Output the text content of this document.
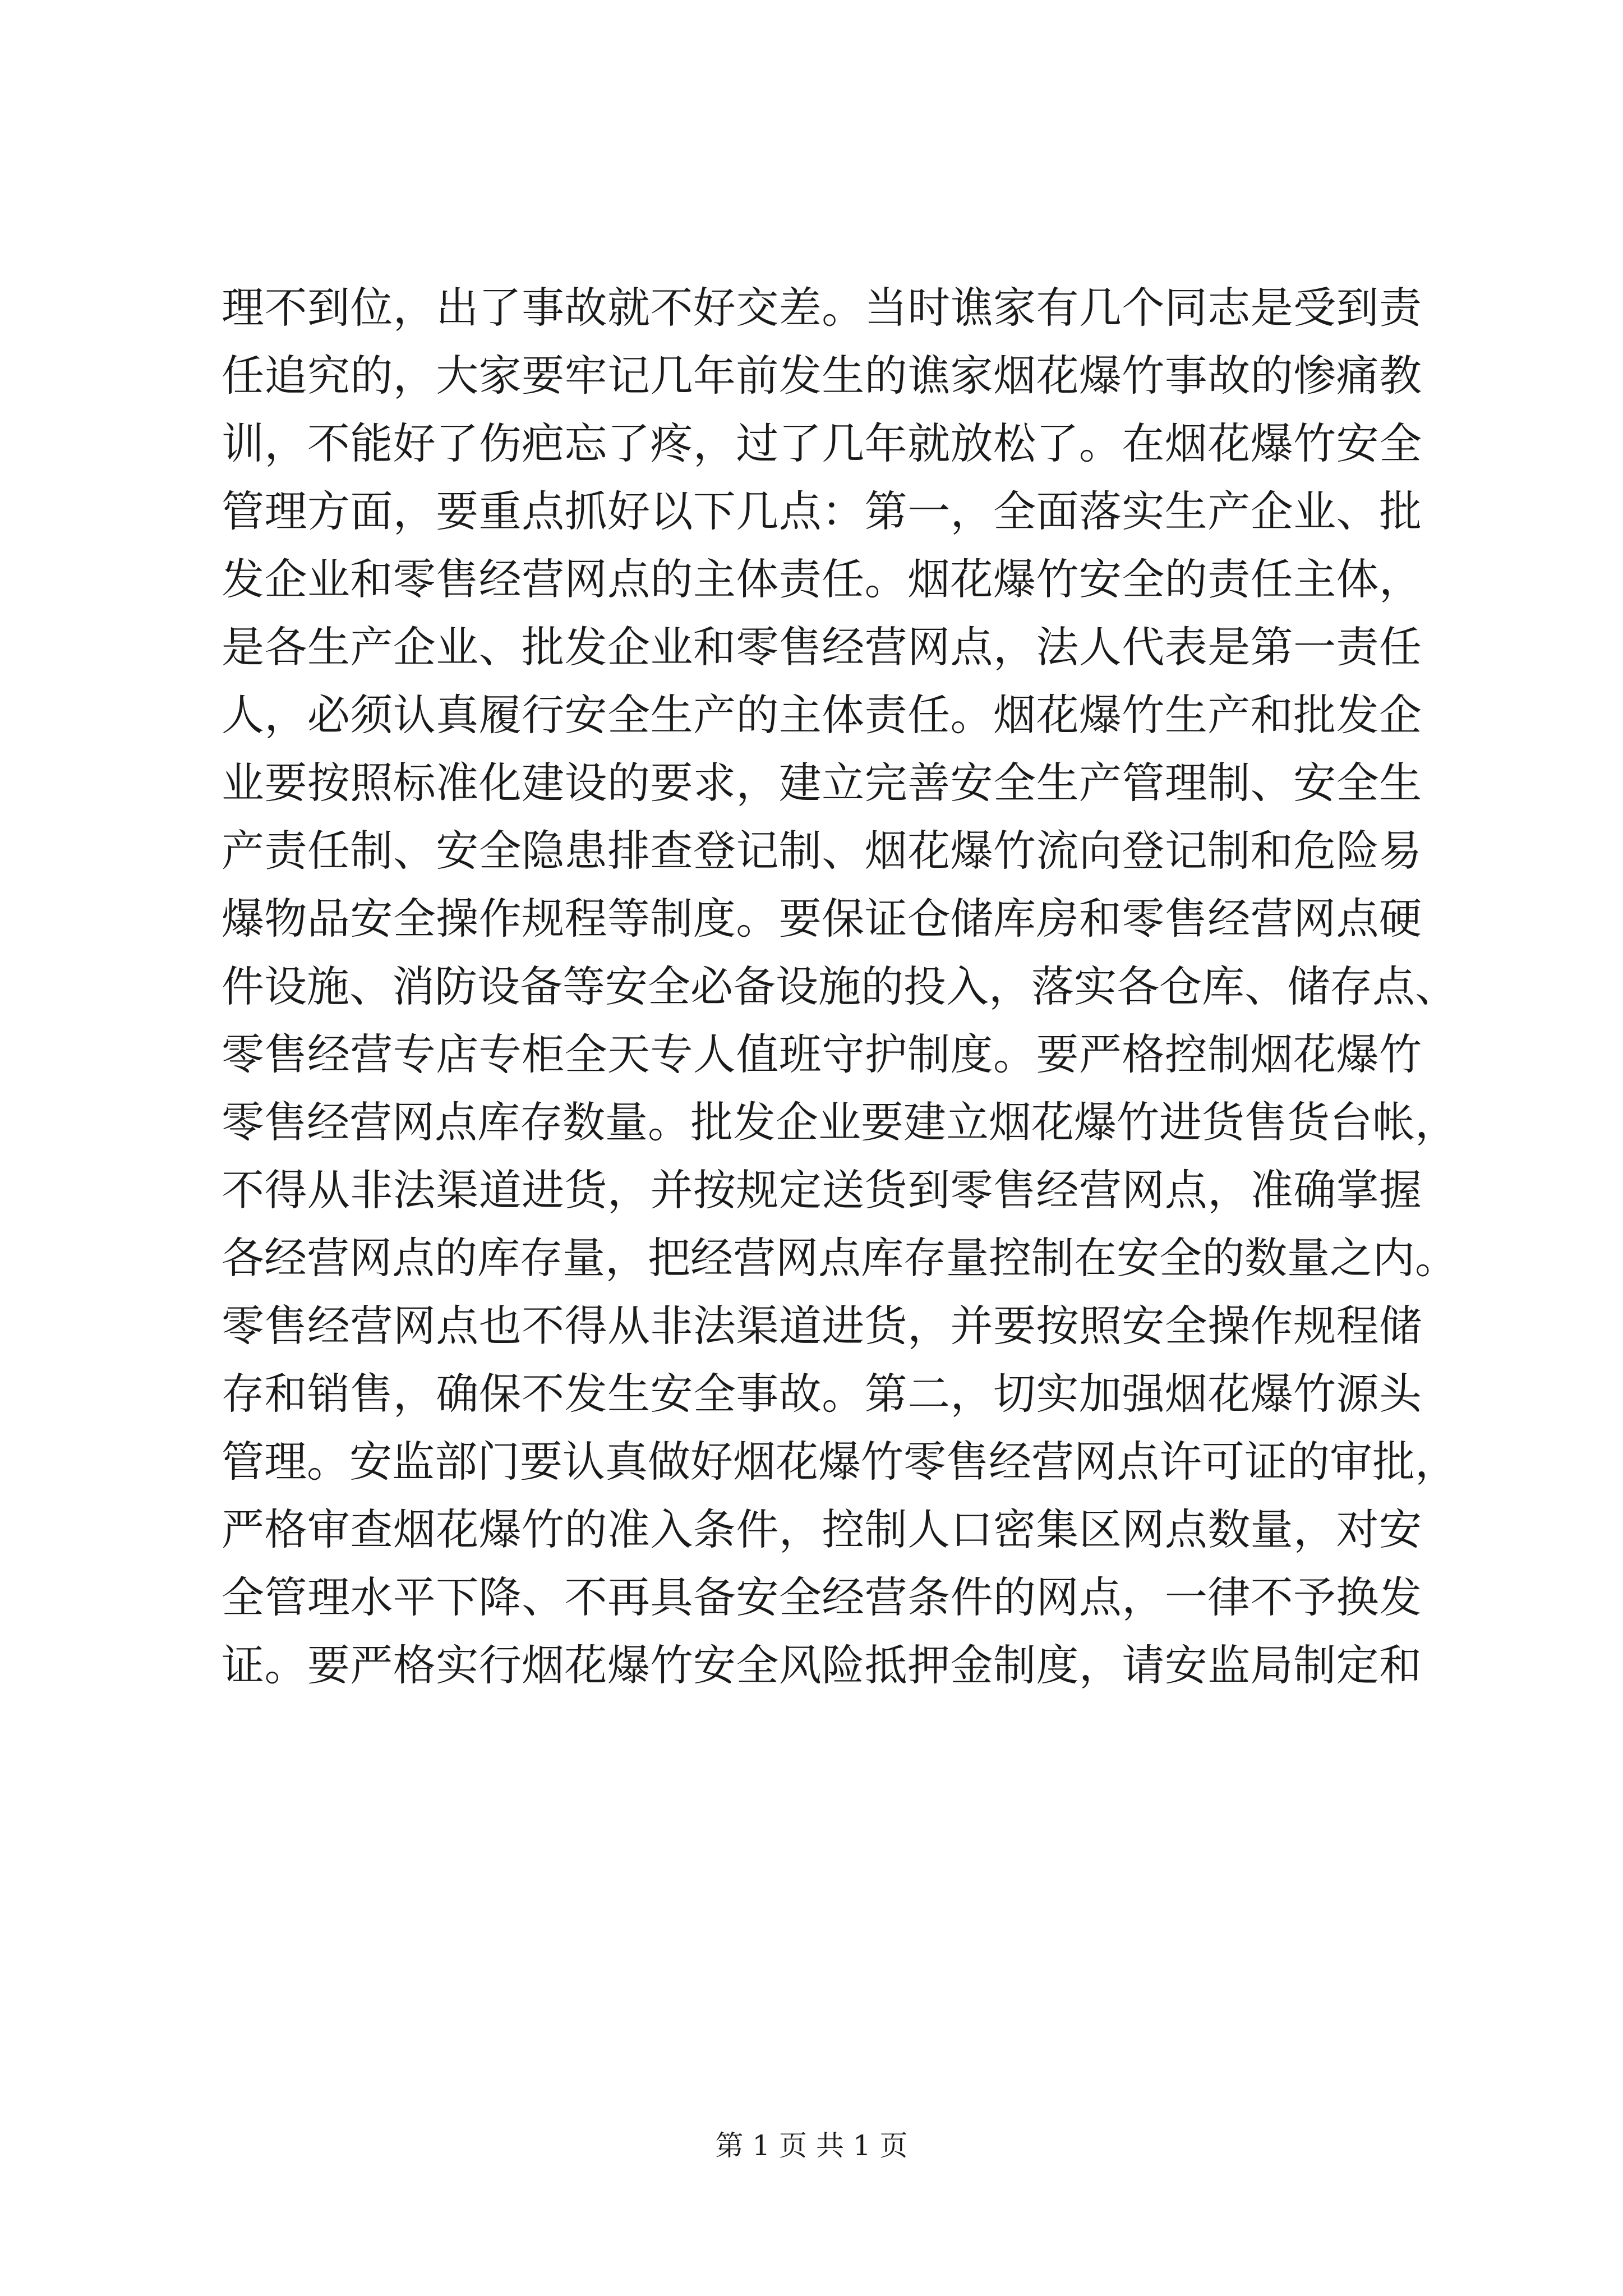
理不到位，出了事故就不好交差。当时谯家有几个同志是受到责
任追究的，大家要牢记几年前发生的谯家烟花爆竹事故的惨痛教
训，不能好了伤疤忘了疼，过了几年就放松了。在烟花爆竹安全
管理方面，要重点抓好以下几点：第一，全面落实生产企业、批
发企业和零售经营网点的主体责任。烟花爆竹安全的责任主体，
是各生产企业、批发企业和零售经营网点，法人代表是第一责任
人，必须认真履行安全生产的主体责任。烟花爆竹生产和批发企
业要按照标准化建设的要求，建立完善安全生产管理制、安全生
产责任制、安全隐患排查登记制、烟花爆竹流向登记制和危险易
爆物品安全操作规程等制度。要保证仓储库房和零售经营网点硬
件设施、消防设备等安全必备设施的投入，落实各仓库、储存点、
零售经营专店专柜全天专人值班守护制度。要严格控制烟花爆竹
零售经营网点库存数量。批发企业要建立烟花爆竹进货售货台帐，
不得从非法渠道进货，并按规定送货到零售经营网点，准确掌握
各经营网点的库存量，把经营网点库存量控制在安全的数量之内。
零售经营网点也不得从非法渠道进货，并要按照安全操作规程储
存和销售，确保不发生安全事故。第二，切实加强烟花爆竹源头
管理。安监部门要认真做好烟花爆竹零售经营网点许可证的审批，
严格审查烟花爆竹的准入条件，控制人口密集区网点数量，对安
全管理水平下降、不再具备安全经营条件的网点，一律不予换发
证。要严格实行烟花爆竹安全风险抵押金制度，请安监局制定和
第 1 页 共 1 页
